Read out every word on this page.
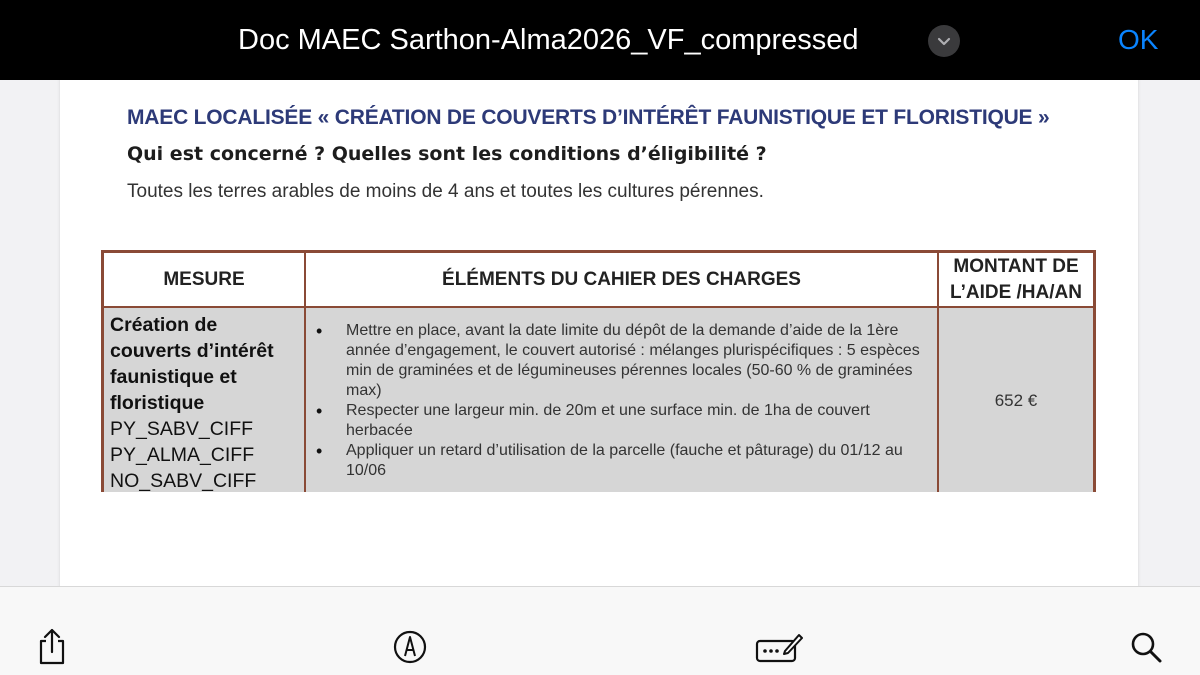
Doc MAEC Sarthon-Alma2026_VF_compressed	OK
MAEC LOCALISÉE « CRÉATION DE COUVERTS D’INTÉRÊT FAUNISTIQUE ET FLORISTIQUE »
Qui est concerné ? Quelles sont les conditions d’éligibilité ?
Toutes les terres arables de moins de 4 ans et toutes les cultures pérennes.
MESURE	ÉLÉMENTS DU CAHIER DES CHARGES
MONTANT DE L’AIDE /HA/AN
Création de
couverts d’intérêt
faunistique et
floristique
PY_SABV_CIFF
PY_ALMA_CIFF
NO_SABV_CIFF
• Mettre en place, avant la date limite du dépôt de la demande d’aide de la 1ère année d’engagement, le couvert autorisé : mélanges plurispécifiques : 5 espèces min de graminées et de légumineuses pérennes locales (50-60 % de graminées max)
• Respecter une largeur min. de 20m et une surface min. de 1ha de couvert herbacée
• Appliquer un retard d’utilisation de la parcelle (fauche et pâturage) du 01/12 au 10/06
652 €
